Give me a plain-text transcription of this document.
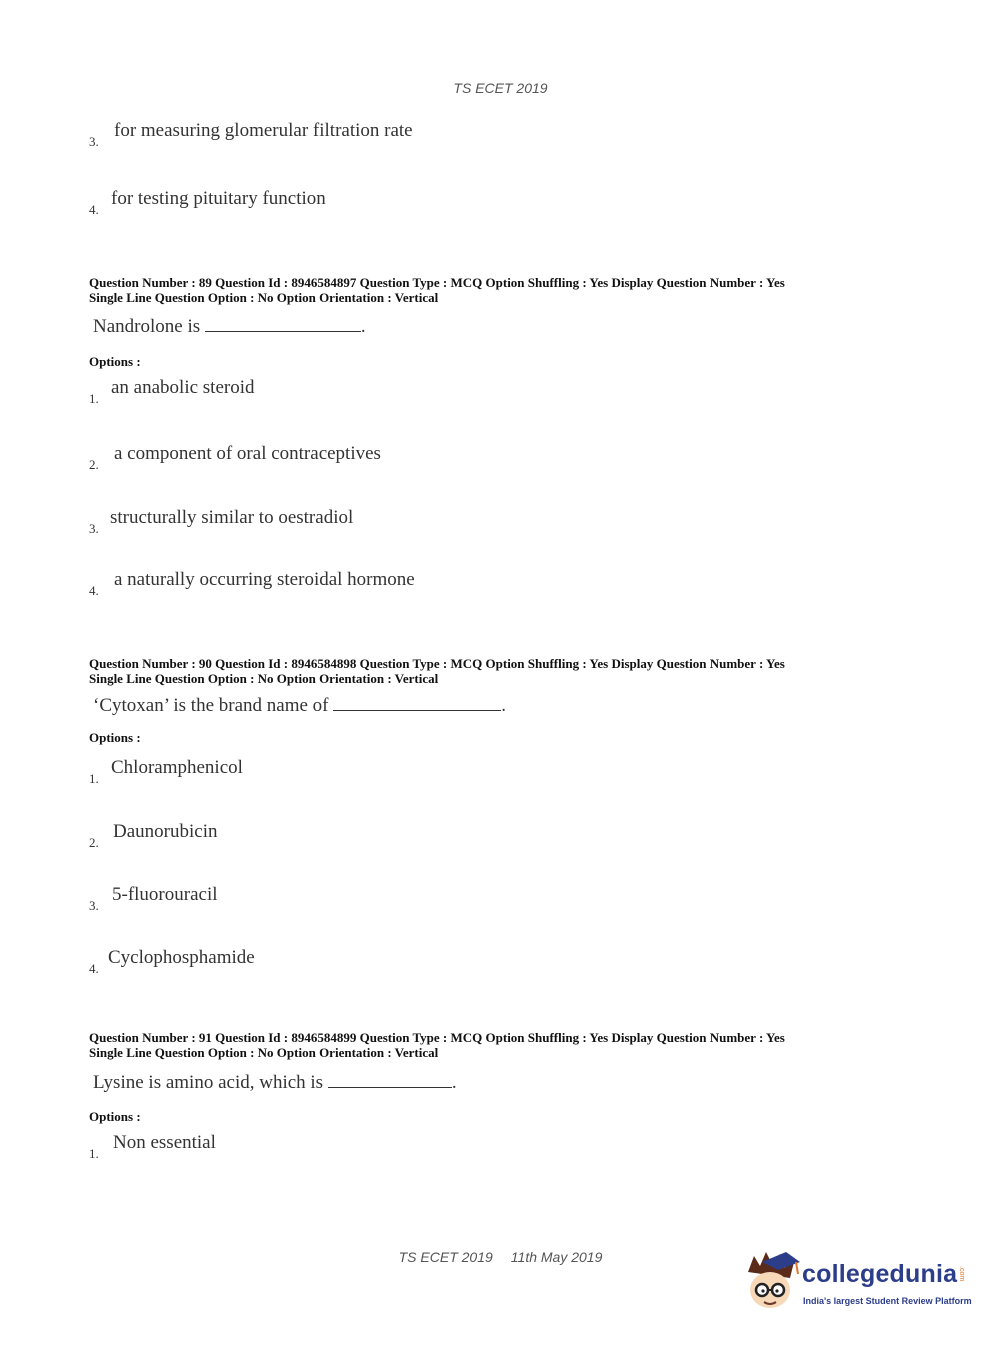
TS ECET 2019
3.
for measuring glomerular filtration rate
4.
for testing pituitary function
Question Number : 89 Question Id : 8946584897 Question Type : MCQ Option Shuffling : Yes Display Question Number : Yes
Single Line Question Option : No Option Orientation : Vertical
Nandrolone is	.
Options :
1.
an anabolic steroid
2.
a component of oral contraceptives
3.
structurally similar to oestradiol
4.
a naturally occurring steroidal hormone
Question Number : 90 Question Id : 8946584898 Question Type : MCQ Option Shuffling : Yes Display Question Number : Yes
Single Line Question Option : No Option Orientation : Vertical
‘Cytoxan’ is the brand name of	.
Options :
1.
Chloramphenicol
2.
Daunorubicin
3.
5-fluorouracil
4.
Cyclophosphamide
Question Number : 91 Question Id : 8946584899 Question Type : MCQ Option Shuffling : Yes Display Question Number : Yes
Single Line Question Option : No Option Orientation : Vertical
Lysine is amino acid, which is	.
Options :
1.
Non essential
TS ECET 2019 11th May 2019
collegedunia .com
India's largest Student Review Platform
